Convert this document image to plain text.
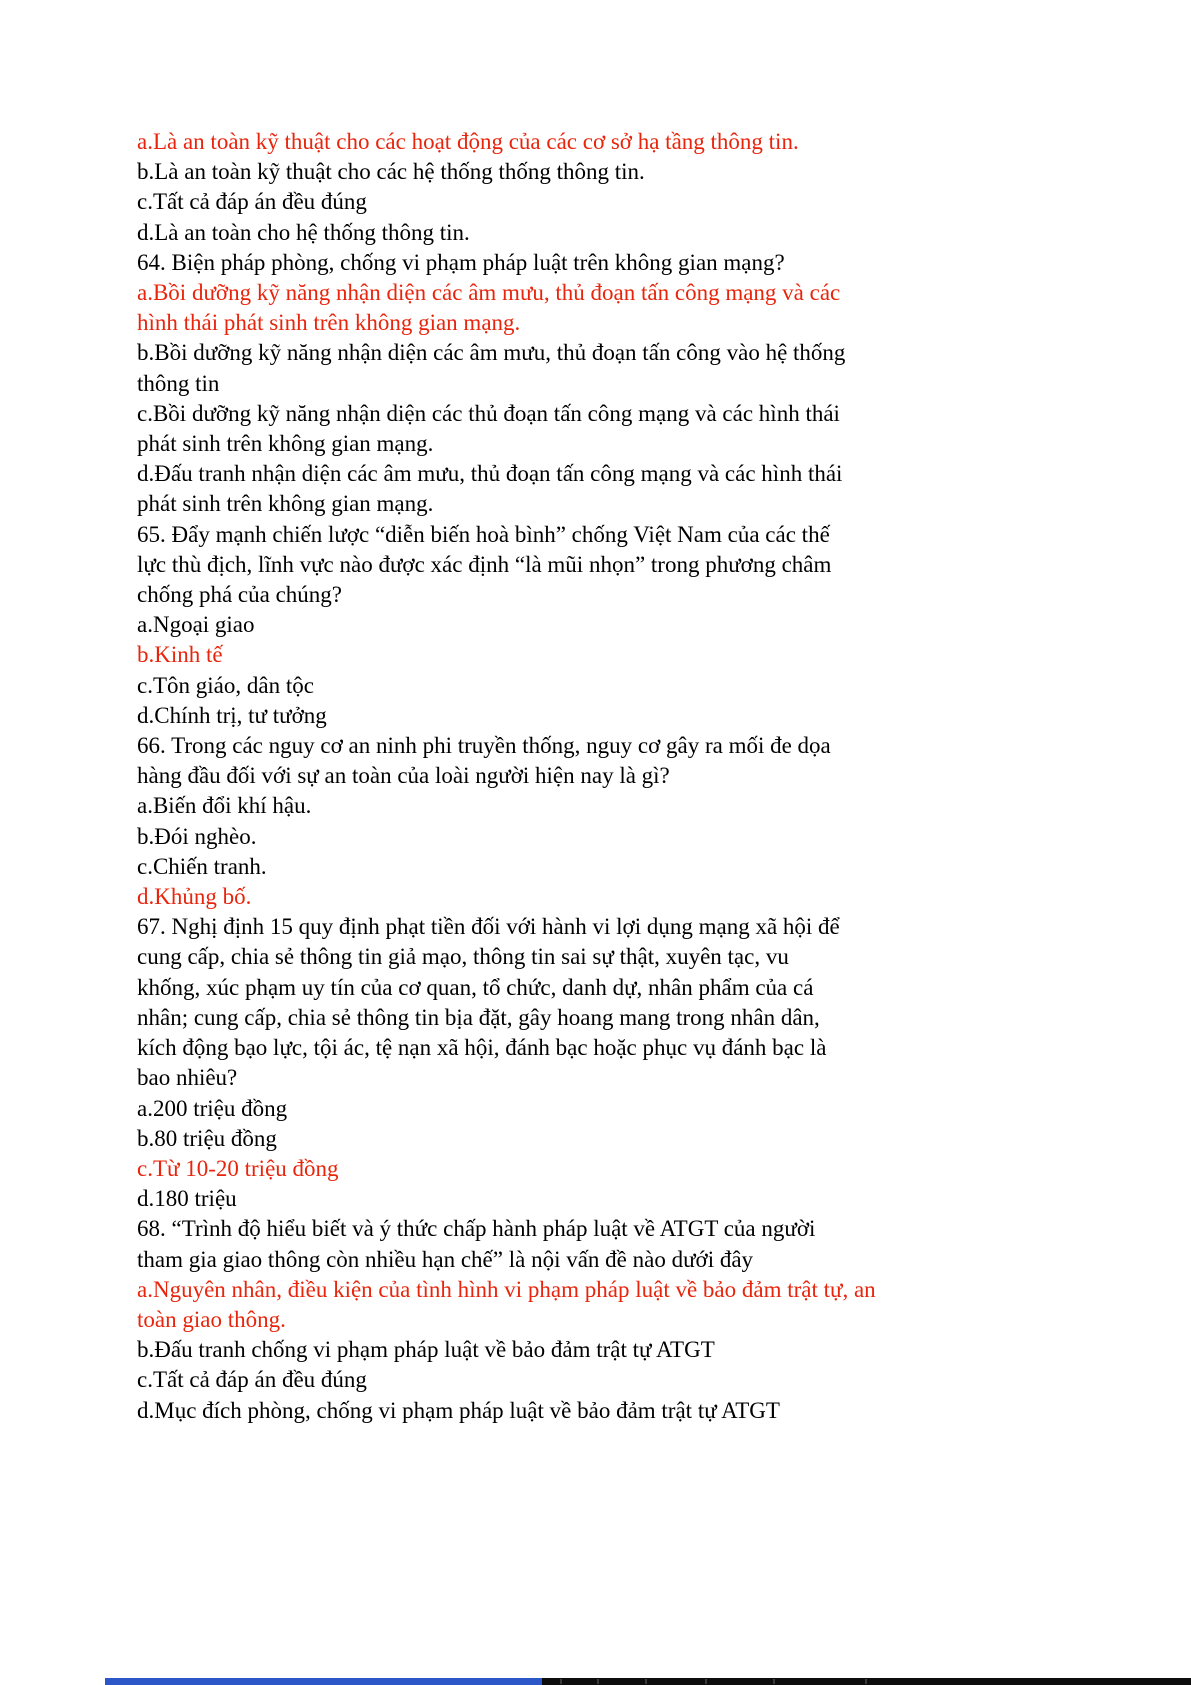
a.Là an toàn kỹ thuật cho các hoạt động của các cơ sở hạ tầng thông tin.
b.Là an toàn kỹ thuật cho các hệ thống thống thông tin.
c.Tất cả đáp án đều đúng
d.Là an toàn cho hệ thống thông tin.
64. Biện pháp phòng, chống vi phạm pháp luật trên không gian mạng?
a.Bồi dưỡng kỹ năng nhận diện các âm mưu, thủ đoạn tấn công mạng và các
hình thái phát sinh trên không gian mạng.
b.Bồi dưỡng kỹ năng nhận diện các âm mưu, thủ đoạn tấn công vào hệ thống
thông tin
c.Bồi dưỡng kỹ năng nhận diện các thủ đoạn tấn công mạng và các hình thái
phát sinh trên không gian mạng.
d.Đấu tranh nhận diện các âm mưu, thủ đoạn tấn công mạng và các hình thái
phát sinh trên không gian mạng.
65. Đẩy mạnh chiến lược “diễn biến hoà bình” chống Việt Nam của các thế
lực thù địch, lĩnh vực nào được xác định “là mũi nhọn” trong phương châm
chống phá của chúng?
a.Ngoại giao
b.Kinh tế
c.Tôn giáo, dân tộc
d.Chính trị, tư tưởng
66. Trong các nguy cơ an ninh phi truyền thống, nguy cơ gây ra mối đe dọa
hàng đầu đối với sự an toàn của loài người hiện nay là gì?
a.Biến đổi khí hậu.
b.Đói nghèo.
c.Chiến tranh.
d.Khủng bố.
67. Nghị định 15 quy định phạt tiền đối với hành vi lợi dụng mạng xã hội để
cung cấp, chia sẻ thông tin giả mạo, thông tin sai sự thật, xuyên tạc, vu
khống, xúc phạm uy tín của cơ quan, tổ chức, danh dự, nhân phẩm của cá
nhân; cung cấp, chia sẻ thông tin bịa đặt, gây hoang mang trong nhân dân,
kích động bạo lực, tội ác, tệ nạn xã hội, đánh bạc hoặc phục vụ đánh bạc là
bao nhiêu?
a.200 triệu đồng
b.80 triệu đồng
c.Từ 10-20 triệu đồng
d.180 triệu
68. “Trình độ hiểu biết và ý thức chấp hành pháp luật về ATGT của người
tham gia giao thông còn nhiều hạn chế” là nội vấn đề nào dưới đây
a.Nguyên nhân, điều kiện của tình hình vi phạm pháp luật về bảo đảm trật tự, an
toàn giao thông.
b.Đấu tranh chống vi phạm pháp luật về bảo đảm trật tự ATGT
c.Tất cả đáp án đều đúng
d.Mục đích phòng, chống vi phạm pháp luật về bảo đảm trật tự ATGT
